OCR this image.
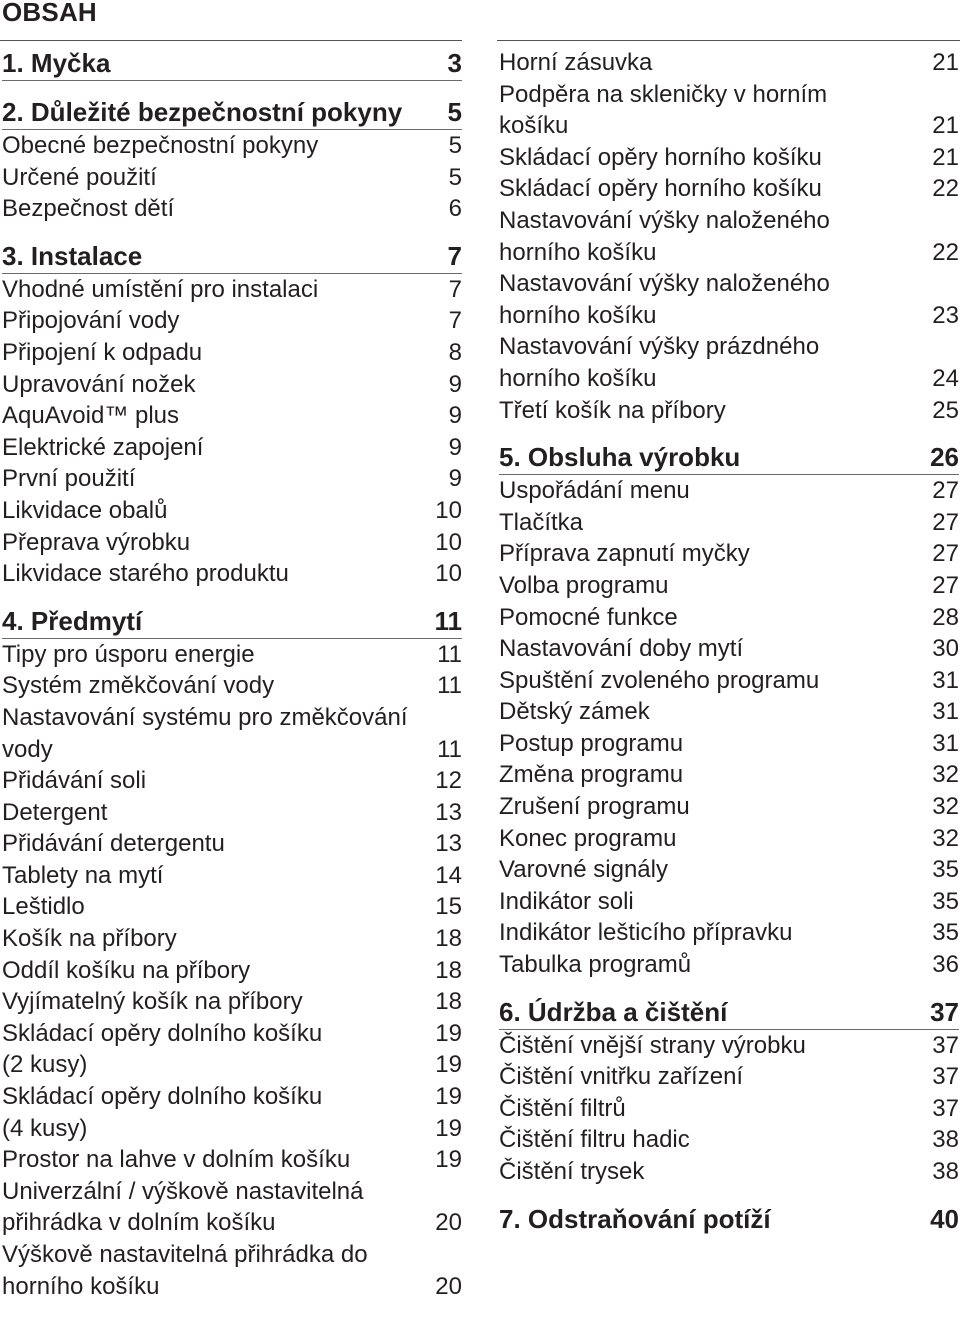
OBSAH
1. Myčka	3
2. Důležité bezpečnostní pokyny	5
Obecné bezpečnostní pokyny	5
Určené použití	5
Bezpečnost dětí	6
3. Instalace	7
Vhodné umístění pro instalaci	7
Připojování vody	7
Připojení k odpadu	8
Upravování nožek	9
AquAvoid™ plus	9
Elektrické zapojení	9
První použití	9
Likvidace obalů	10
Přeprava výrobku	10
Likvidace starého produktu	10
4. Předmytí	11
Tipy pro úsporu energie	11
Systém změkčování vody	11
Nastavování systému pro změkčování vody	11
Přidávání soli	12
Detergent	13
Přidávání detergentu	13
Tablety na mytí	14
Leštidlo	15
Košík na příbory	18
Oddíl košíku na příbory	18
Vyjímatelný košík na příbory	18
Skládací opěry dolního košíku	19
(2 kusy)	19
Skládací opěry dolního košíku	19
(4 kusy)	19
Prostor na lahve v dolním košíku	19
Univerzální / výškově nastavitelná přihrádka v dolním košíku	20
Výškově nastavitelná přihrádka do horního košíku	20
Horní zásuvka	21
Podpěra na skleničky v horním košíku	21
Skládací opěry horního košíku	21
Skládací opěry horního košíku	22
Nastavování výšky naloženého horního košíku	22
Nastavování výšky naloženého horního košíku	23
Nastavování výšky prázdného horního košíku	24
Třetí košík na příbory	25
5. Obsluha výrobku	26
Uspořádání menu	27
Tlačítka	27
Příprava zapnutí myčky	27
Volba programu	27
Pomocné funkce	28
Nastavování doby mytí	30
Spuštění zvoleného programu	31
Dětský zámek	31
Postup programu	31
Změna programu	32
Zrušení programu	32
Konec programu	32
Varovné signály	35
Indikátor soli	35
Indikátor lešticího přípravku	35
Tabulka programů	36
6. Údržba a čištění	37
Čištění vnější strany výrobku	37
Čištění vnitřku zařízení	37
Čištění filtrů	37
Čištění filtru hadic	38
Čištění trysek	38
7. Odstraňování potíží	40
